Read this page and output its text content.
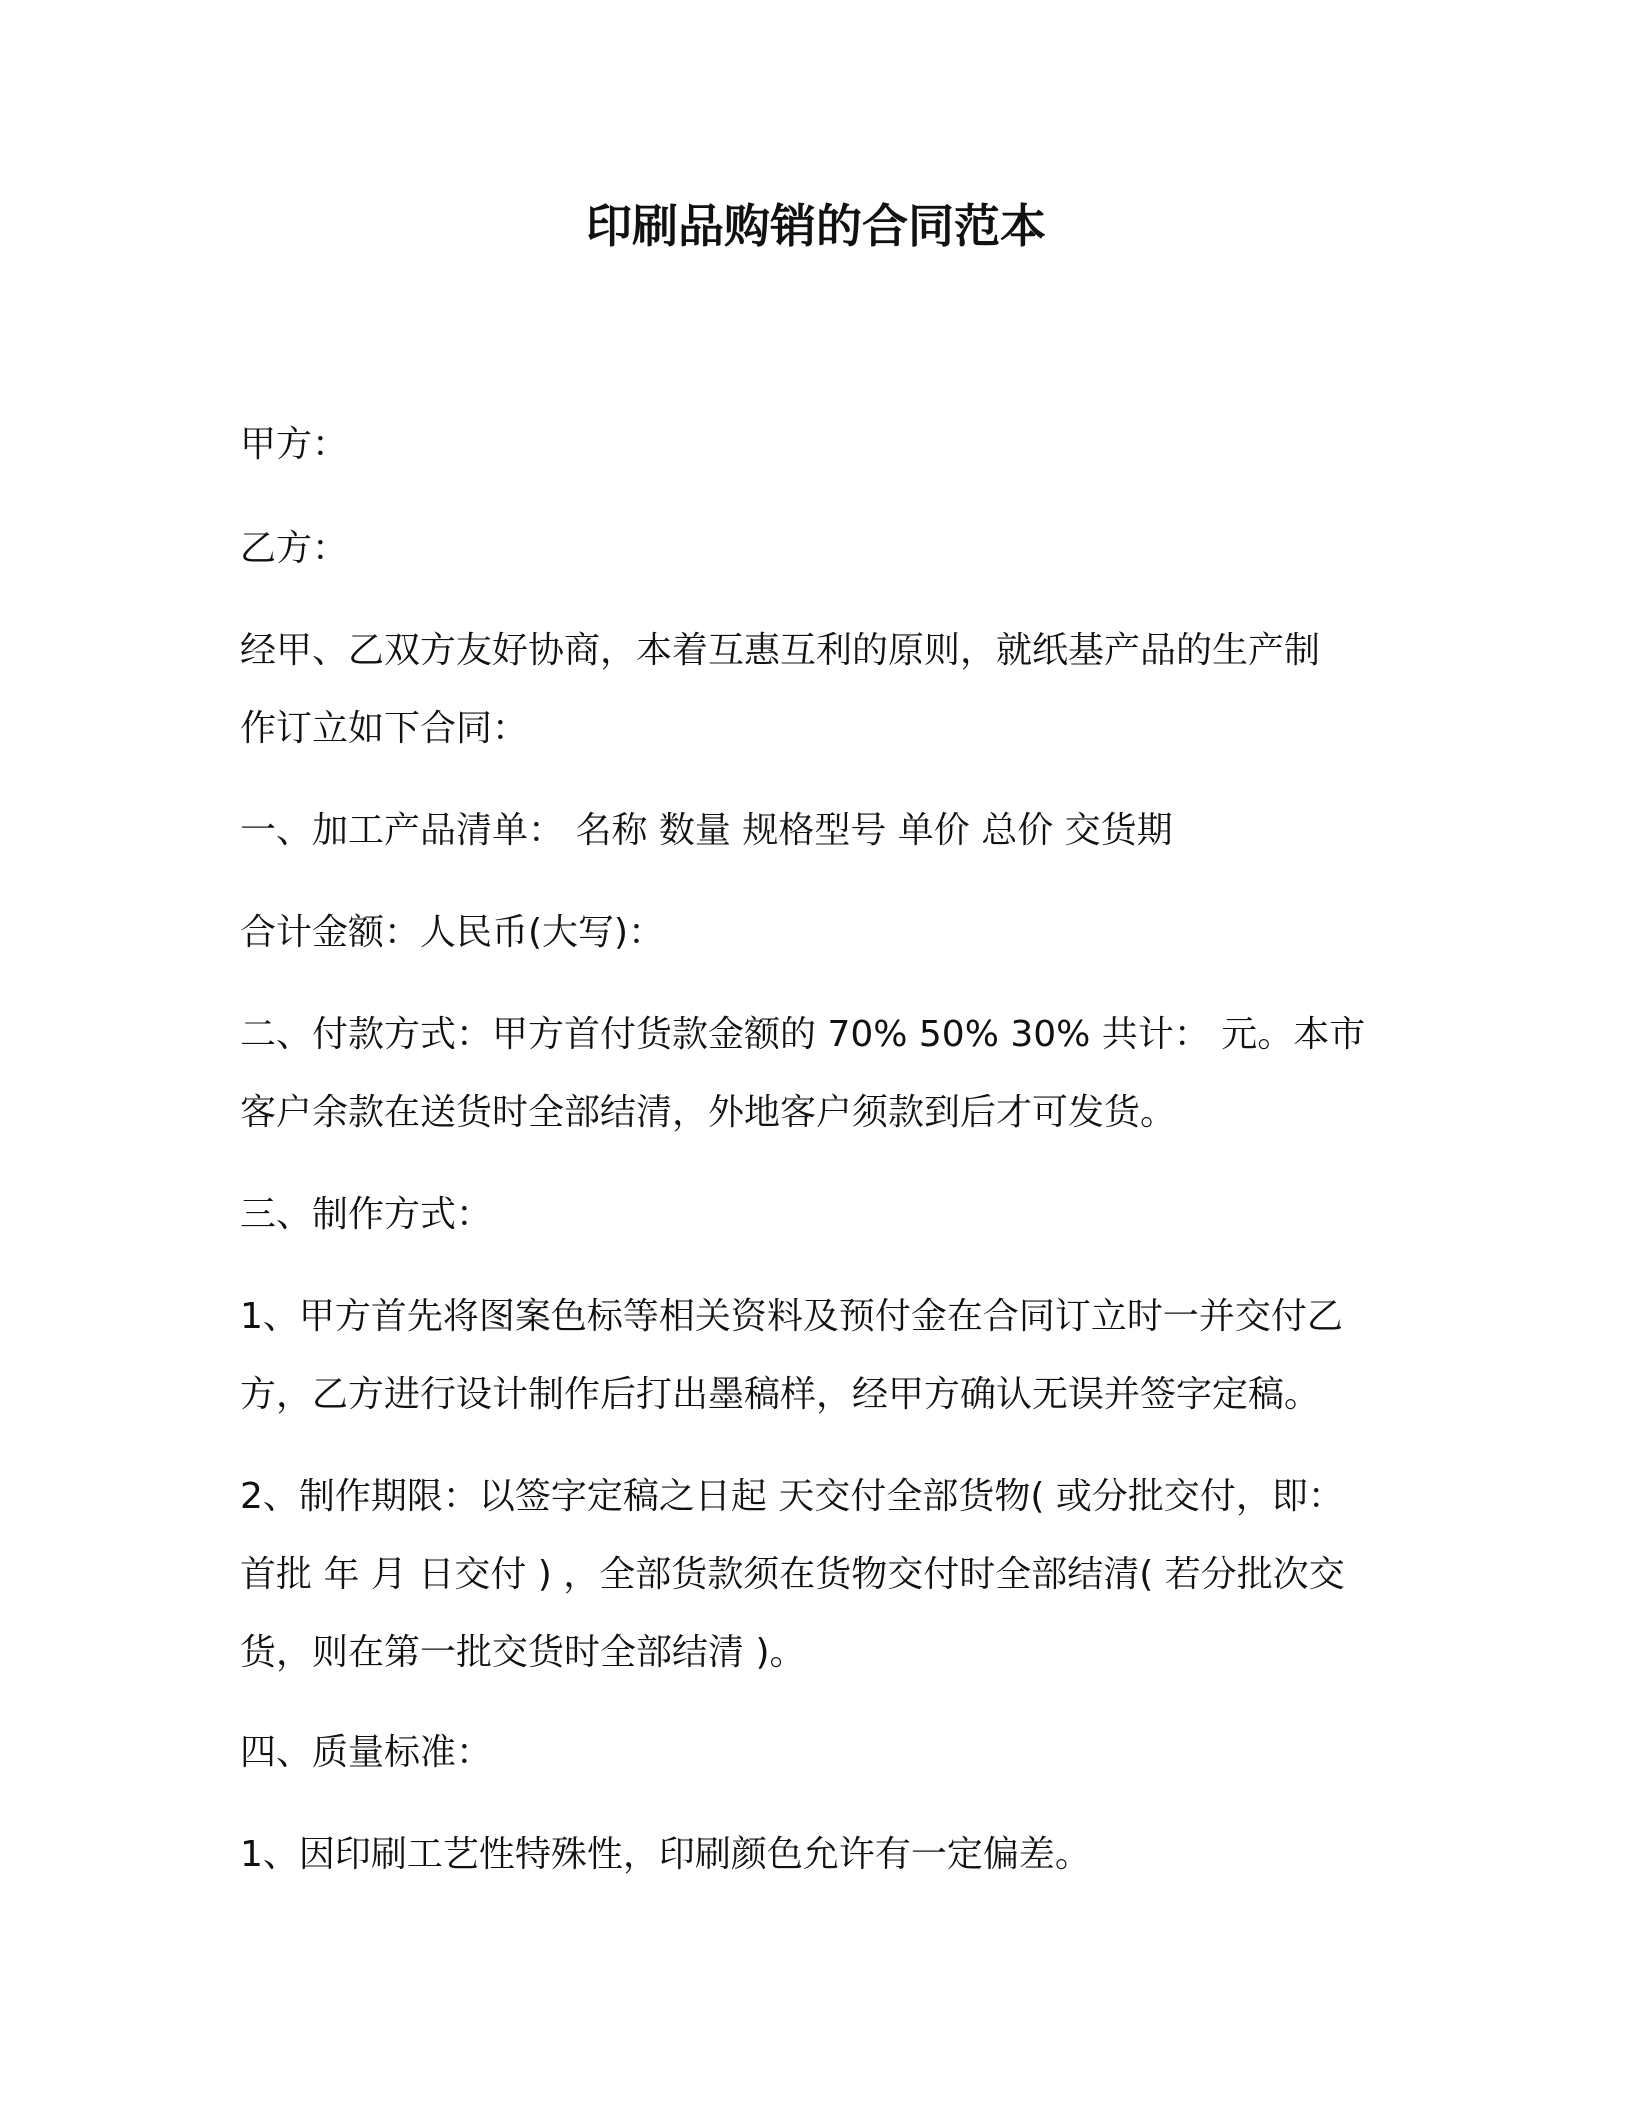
印刷品购销的合同范本
甲方：
乙方：
经甲、乙双方友好协商，本着互惠互利的原则，就纸基产品的生产制
作订立如下合同：
一、加工产品清单： 名称 数量 规格型号 单价 总价 交货期
合计金额：人民币(大写)：
二、付款方式：甲方首付货款金额的 70% 50% 30% 共计： 元。本市
客户余款在送货时全部结清，外地客户须款到后才可发货。
三、制作方式：
1、甲方首先将图案色标等相关资料及预付金在合同订立时一并交付乙
方，乙方进行设计制作后打出墨稿样，经甲方确认无误并签字定稿。
2、制作期限：以签字定稿之日起 天交付全部货物( 或分批交付，即：
首批 年 月 日交付 ) ，全部货款须在货物交付时全部结清( 若分批次交
货，则在第一批交货时全部结清 )。
四、质量标准：
1、因印刷工艺性特殊性，印刷颜色允许有一定偏差。
